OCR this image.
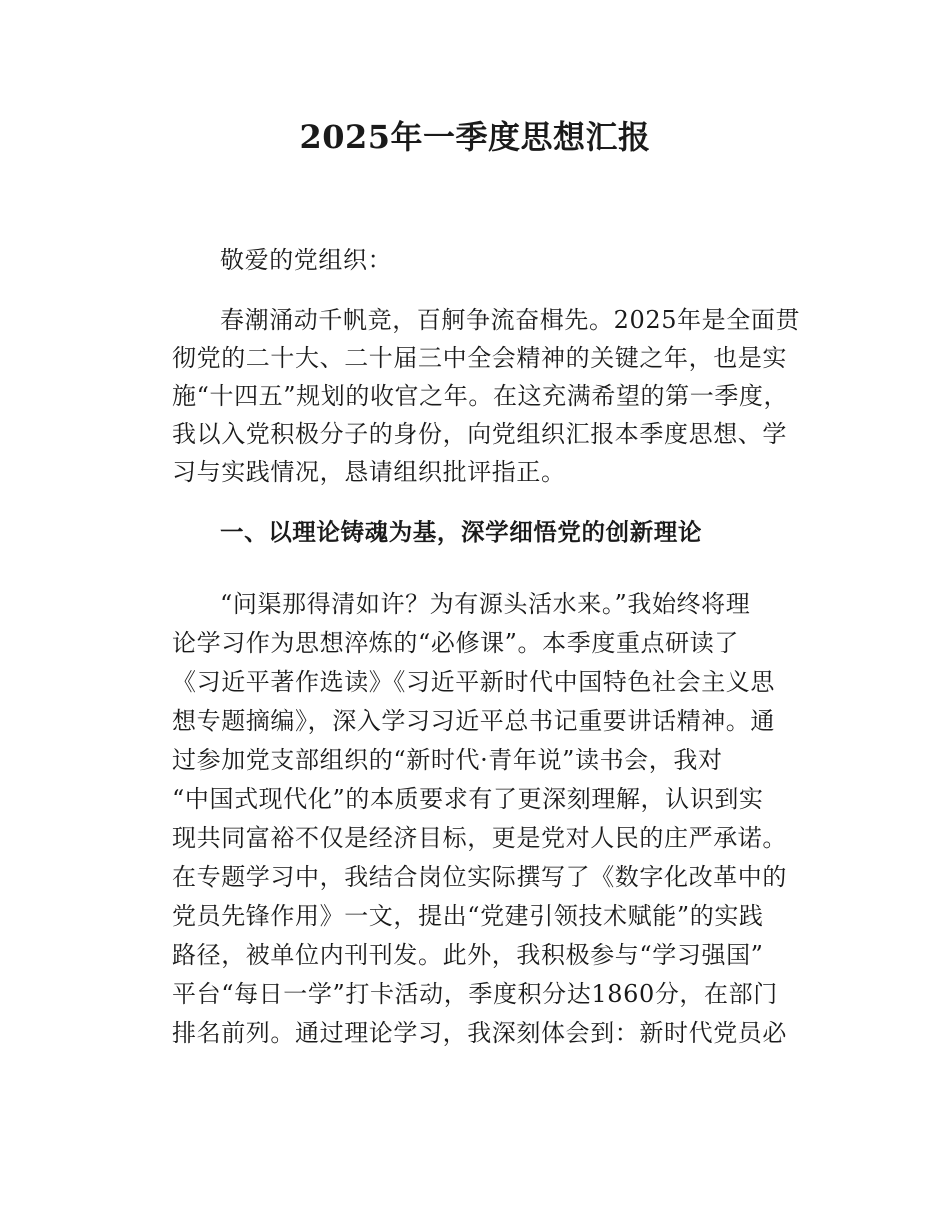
2025年一季度思想汇报
敬爱的党组织：
春潮涌动千帆竞，百舸争流奋楫先。2025年是全面贯
彻党的二十大、二十届三中全会精神的关键之年，也是实
施“十四五”规划的收官之年。在这充满希望的第一季度，
我以入党积极分子的身份，向党组织汇报本季度思想、学
习与实践情况，恳请组织批评指正。
一、以理论铸魂为基，深学细悟党的创新理论
“问渠那得清如许？为有源头活水来。”我始终将理
论学习作为思想淬炼的“必修课”。本季度重点研读了
《习近平著作选读》《习近平新时代中国特色社会主义思
想专题摘编》，深入学习习近平总书记重要讲话精神。通
过参加党支部组织的“新时代·青年说”读书会，我对
“中国式现代化”的本质要求有了更深刻理解，认识到实
现共同富裕不仅是经济目标，更是党对人民的庄严承诺。
在专题学习中，我结合岗位实际撰写了《数字化改革中的
党员先锋作用》一文，提出“党建引领技术赋能”的实践
路径，被单位内刊刊发。此外，我积极参与“学习强国”
平台“每日一学”打卡活动，季度积分达1860分，在部门
排名前列。通过理论学习，我深刻体会到：新时代党员必
